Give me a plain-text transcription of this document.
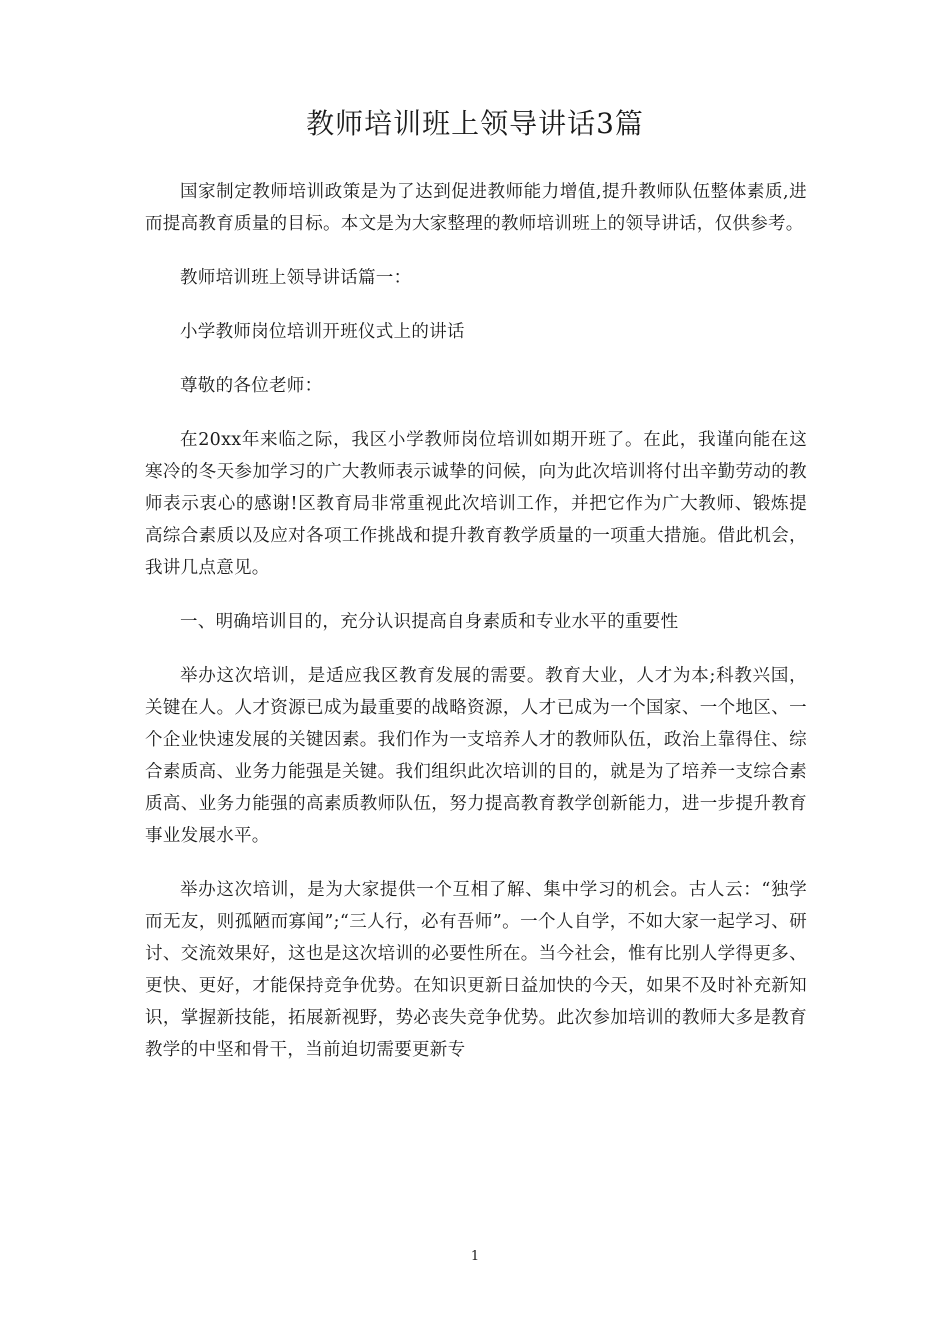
教师培训班上领导讲话3篇

国家制定教师培训政策是为了达到促进教师能力增值,提升教师队伍整体素质,进而提高教育质量的目标。本文是为大家整理的教师培训班上的领导讲话，仅供参考。

教师培训班上领导讲话篇一：

小学教师岗位培训开班仪式上的讲话

尊敬的各位老师：

在20xx年来临之际，我区小学教师岗位培训如期开班了。在此，我谨向能在这寒冷的冬天参加学习的广大教师表示诚挚的问候，向为此次培训将付出辛勤劳动的教师表示衷心的感谢!区教育局非常重视此次培训工作，并把它作为广大教师、锻炼提高综合素质以及应对各项工作挑战和提升教育教学质量的一项重大措施。借此机会，我讲几点意见。

一、明确培训目的，充分认识提高自身素质和专业水平的重要性

举办这次培训，是适应我区教育发展的需要。教育大业，人才为本;科教兴国，关键在人。人才资源已成为最重要的战略资源，人才已成为一个国家、一个地区、一个企业快速发展的关键因素。我们作为一支培养人才的教师队伍，政治上靠得住、综合素质高、业务力能强是关键。我们组织此次培训的目的，就是为了培养一支综合素质高、业务力能强的高素质教师队伍，努力提高教育教学创新能力，进一步提升教育事业发展水平。

举办这次培训，是为大家提供一个互相了解、集中学习的机会。古人云：“独学而无友，则孤陋而寡闻”;“三人行，必有吾师”。一个人自学，不如大家一起学习、研讨、交流效果好，这也是这次培训的必要性所在。当今社会，惟有比别人学得更多、更快、更好，才能保持竞争优势。在知识更新日益加快的今天，如果不及时补充新知识，掌握新技能，拓展新视野，势必丧失竞争优势。此次参加培训的教师大多是教育教学的中坚和骨干，当前迫切需要更新专

1
